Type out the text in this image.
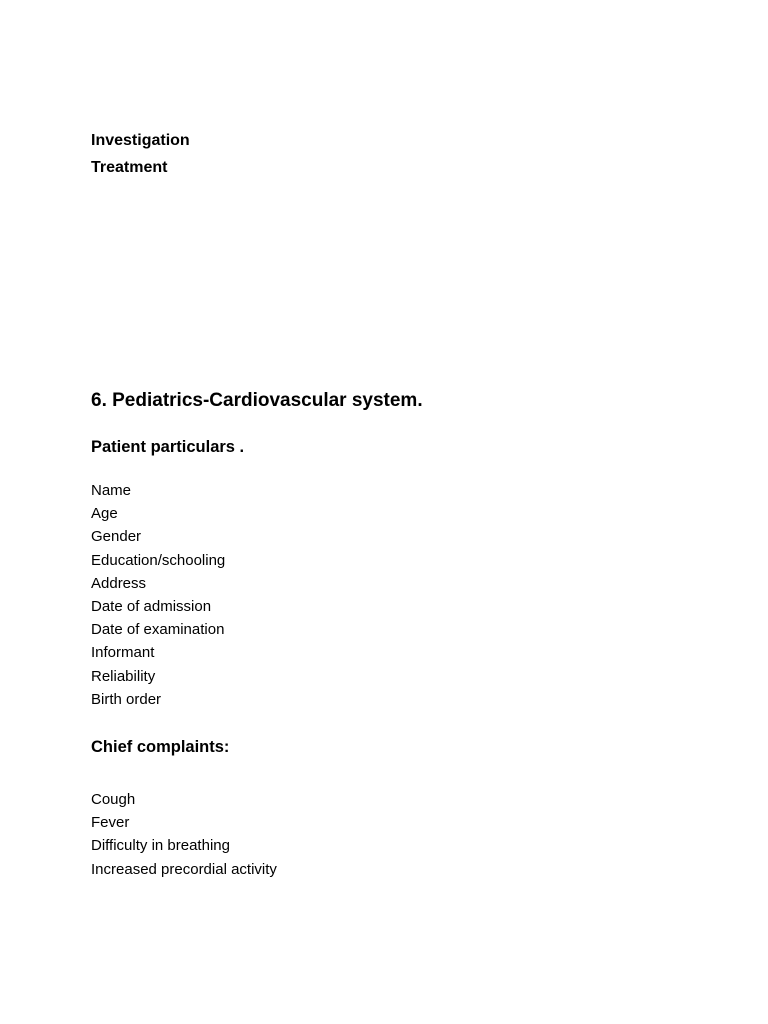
Investigation
Treatment
6. Pediatrics-Cardiovascular system.
Patient particulars .
Name
Age
Gender
Education/schooling
Address
Date of admission
Date of examination
Informant
Reliability
Birth order
Chief complaints:
Cough
Fever
Difficulty in breathing
Increased precordial activity
